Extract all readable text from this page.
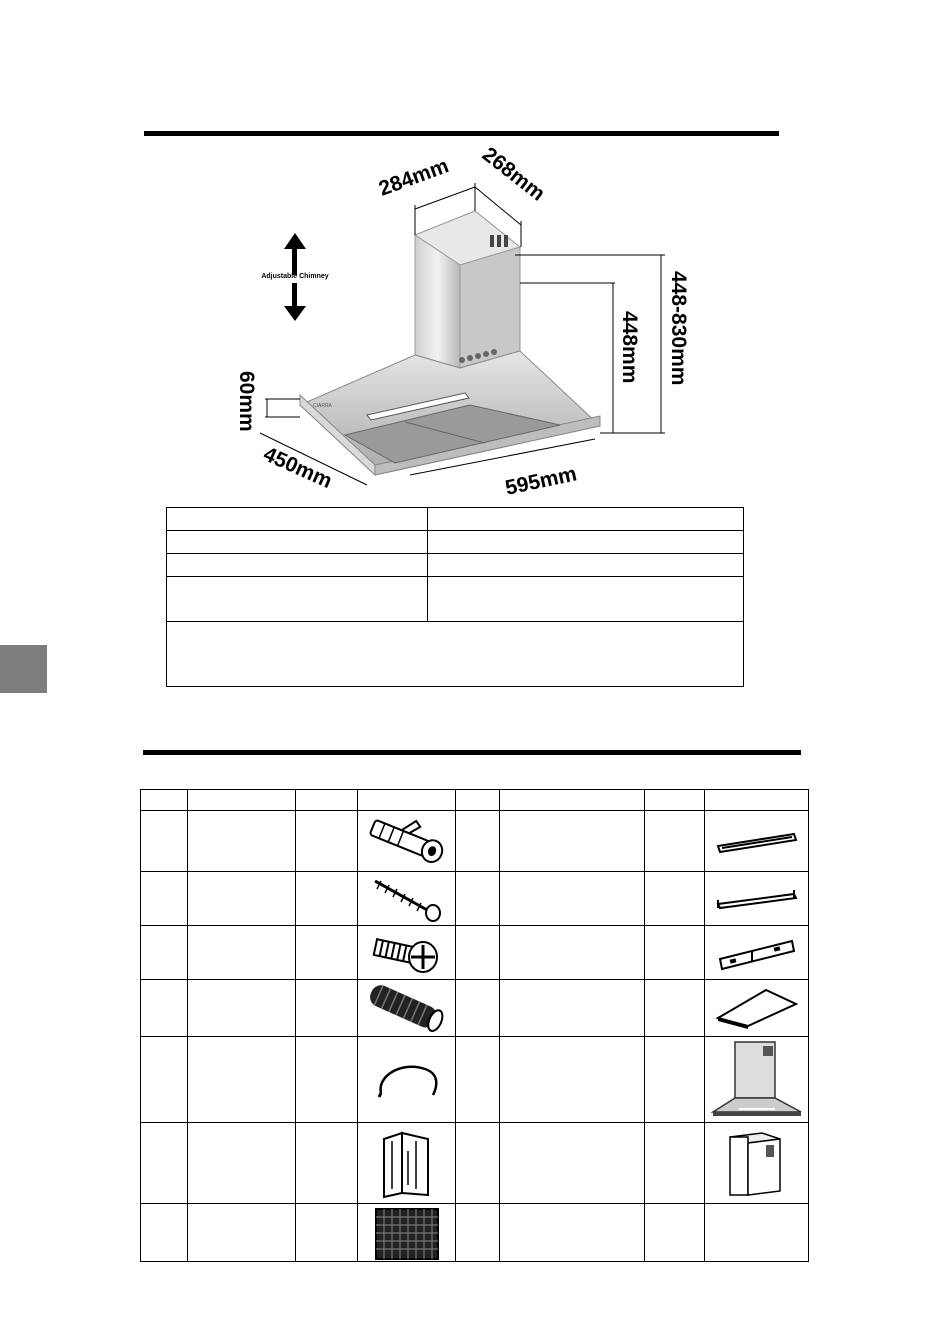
CIARRA
Adjustable Chimney
284mm 268mm
448mm 448-830mm
60mm
450mm	595mm
